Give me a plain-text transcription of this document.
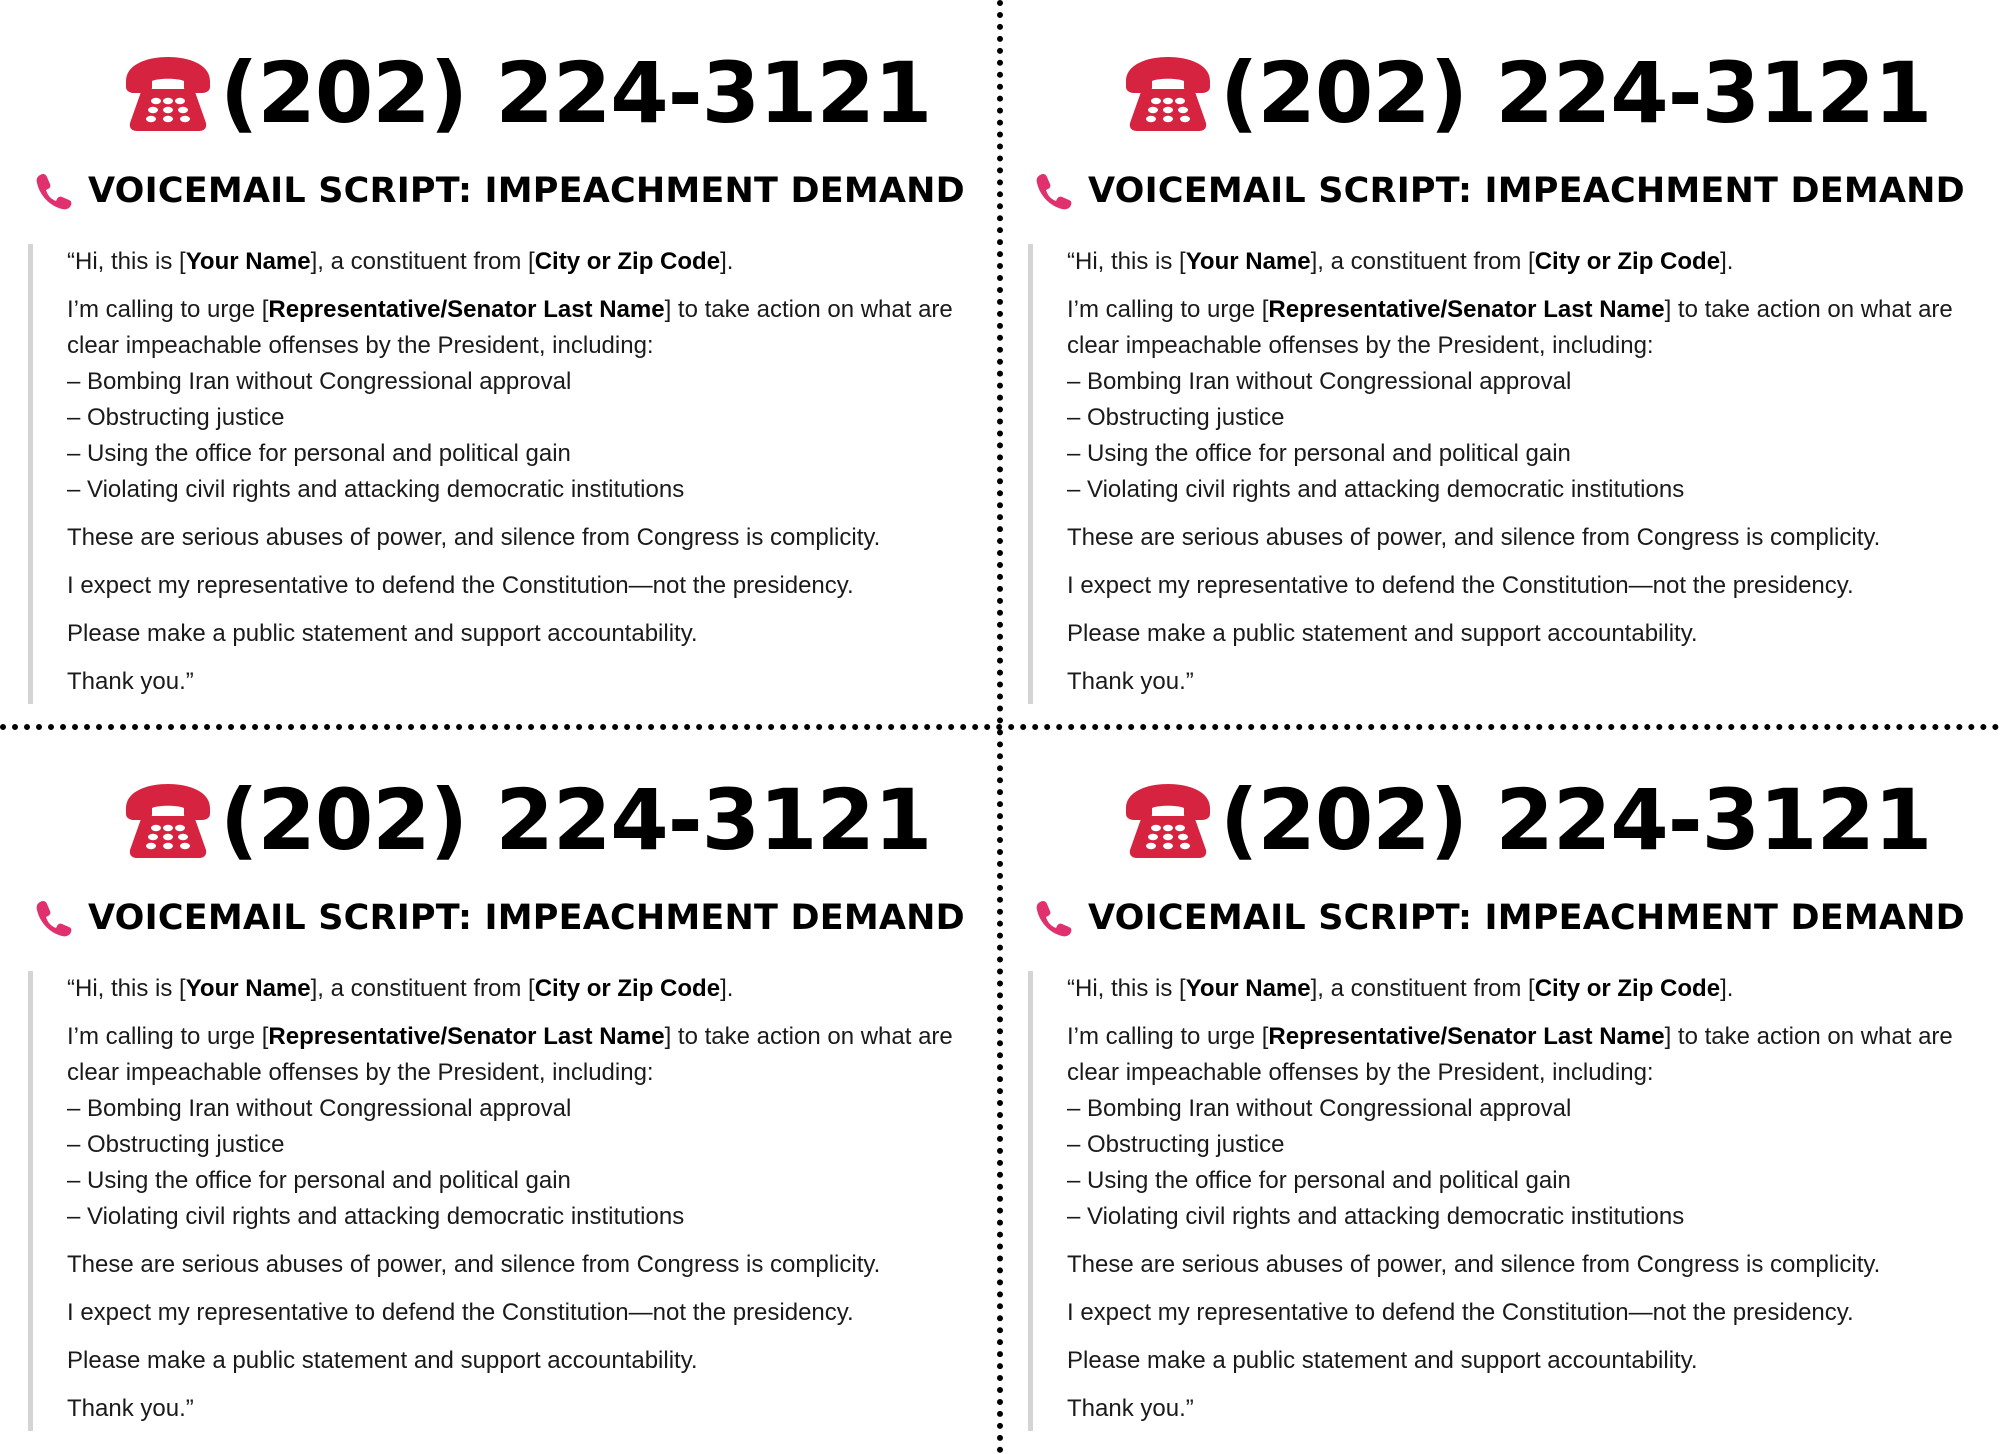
(202) 224-3121
VOICEMAIL SCRIPT: IMPEACHMENT DEMAND

“Hi, this is [Your Name], a constituent from [City or Zip Code].

I’m calling to urge [Representative/Senator Last Name] to take action on what are

clear impeachable offenses by the President, including:

– Bombing Iran without Congressional approval

– Obstructing justice

– Using the office for personal and political gain

– Violating civil rights and attacking democratic institutions

These are serious abuses of power, and silence from Congress is complicity.

I expect my representative to defend the Constitution—not the presidency.

Please make a public statement and support accountability.

Thank you.”

(202) 224-3121
VOICEMAIL SCRIPT: IMPEACHMENT DEMAND

“Hi, this is [Your Name], a constituent from [City or Zip Code].

I’m calling to urge [Representative/Senator Last Name] to take action on what are

clear impeachable offenses by the President, including:

– Bombing Iran without Congressional approval

– Obstructing justice

– Using the office for personal and political gain

– Violating civil rights and attacking democratic institutions

These are serious abuses of power, and silence from Congress is complicity.

I expect my representative to defend the Constitution—not the presidency.

Please make a public statement and support accountability.

Thank you.”

(202) 224-3121
VOICEMAIL SCRIPT: IMPEACHMENT DEMAND

“Hi, this is [Your Name], a constituent from [City or Zip Code].

I’m calling to urge [Representative/Senator Last Name] to take action on what are

clear impeachable offenses by the President, including:

– Bombing Iran without Congressional approval

– Obstructing justice

– Using the office for personal and political gain

– Violating civil rights and attacking democratic institutions

These are serious abuses of power, and silence from Congress is complicity.

I expect my representative to defend the Constitution—not the presidency.

Please make a public statement and support accountability.

Thank you.”

(202) 224-3121
VOICEMAIL SCRIPT: IMPEACHMENT DEMAND

“Hi, this is [Your Name], a constituent from [City or Zip Code].

I’m calling to urge [Representative/Senator Last Name] to take action on what are

clear impeachable offenses by the President, including:

– Bombing Iran without Congressional approval

– Obstructing justice

– Using the office for personal and political gain

– Violating civil rights and attacking democratic institutions

These are serious abuses of power, and silence from Congress is complicity.

I expect my representative to defend the Constitution—not the presidency.

Please make a public statement and support accountability.

Thank you.”
